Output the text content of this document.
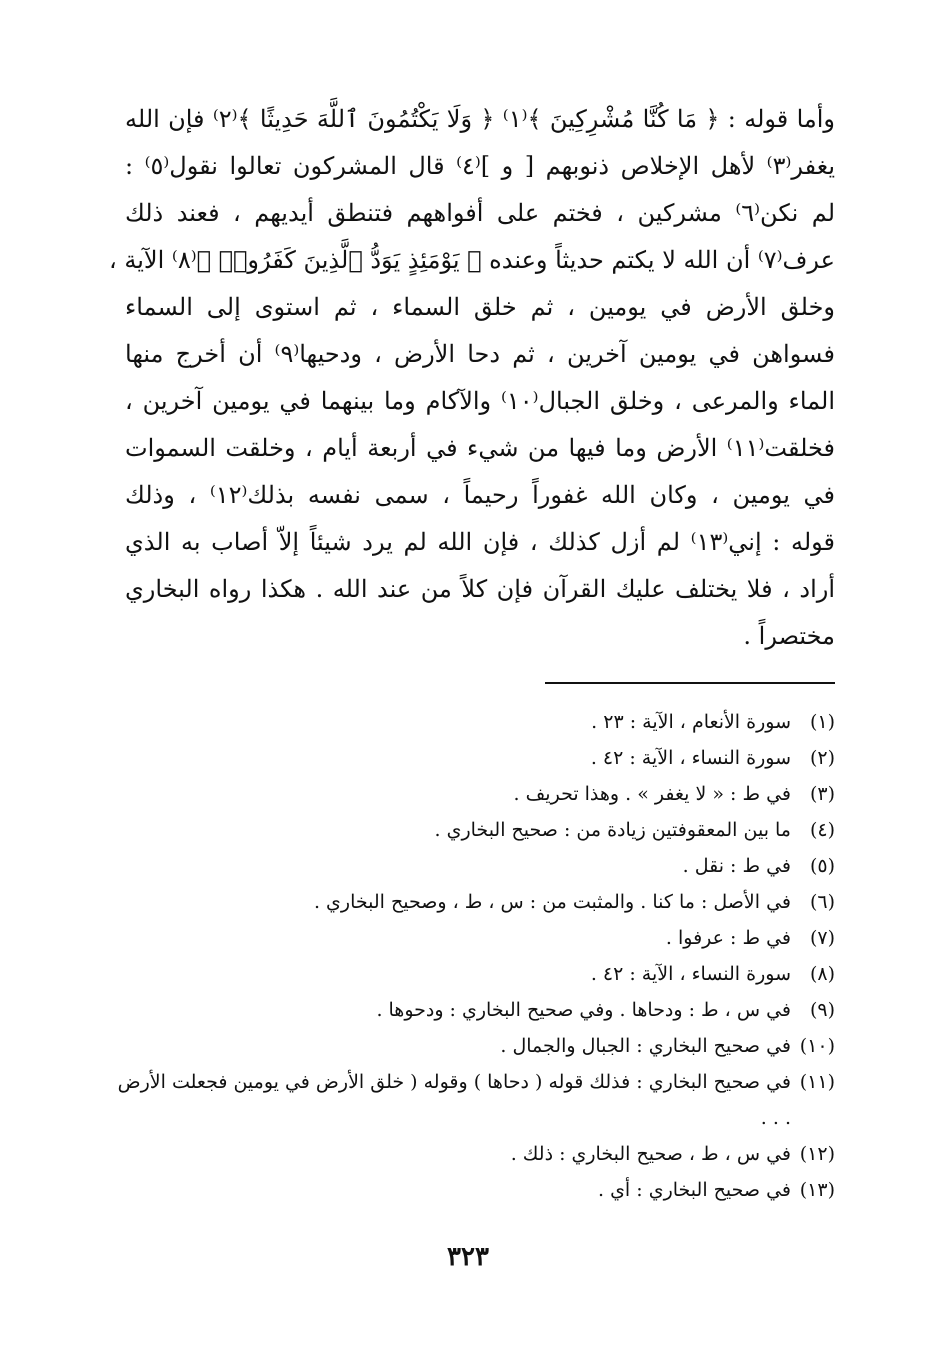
وأما قوله : ﴿ مَا كُنَّا مُشْرِكِينَ ﴾⁽١⁾ ﴿ وَلَا يَكْتُمُونَ ٱللَّهَ حَدِيثًا ﴾⁽٢⁾ فإن الله
يغفر⁽٣⁾ لأهل الإخلاص ذنوبهم [ و ]⁽٤⁾ قال المشركون تعالوا نقول⁽٥⁾ :
لم نكن⁽٦⁾ مشركين ، فختم على أفواههم فتنطق أيديهم ، فعند ذلك
عرف⁽٧⁾ أن الله لا يكتم حديثاً وعنده ﴿ يَوْمَئِذٍ يَوَدُّ ٱلَّذِينَ كَفَرُوا۟ ﴾⁽٨⁾ الآية ،
وخلق الأرض في يومين ، ثم خلق السماء ، ثم استوى إلى السماء
فسواهن في يومين آخرين ، ثم دحا الأرض ، ودحيها⁽٩⁾ أن أخرج منها
الماء والمرعى ، وخلق الجبال⁽١٠⁾ والآكام وما بينهما في يومين آخرين ،
فخلقت⁽١١⁾ الأرض وما فيها من شيء في أربعة أيام ، وخلقت السموات
في يومين ، وكان الله غفوراً رحيماً ، سمى نفسه بذلك⁽١٢⁾ ، وذلك
قوله : إني⁽١٣⁾ لم أزل كذلك ، فإن الله لم يرد شيئاً إلاّ أصاب به الذي
أراد ، فلا يختلف عليك القرآن فإن كلاً من عند الله . هكذا رواه البخاري
مختصراً .
(١)
سورة الأنعام ، الآية : ٢٣ .
(٢)
سورة النساء ، الآية : ٤٢ .
(٣)
في ط : « لا يغفر » . وهذا تحريف .
(٤)
ما بين المعقوفتين زيادة من : صحيح البخاري .
(٥)
في ط : نقل .
(٦)
في الأصل : ما كنا . والمثبت من : س ، ط ، وصحيح البخاري .
(٧)
في ط : عرفوا .
(٨)
سورة النساء ، الآية : ٤٢ .
(٩)
في س ، ط : ودحاها . وفي صحيح البخاري : ودحوها .
(١٠)
في صحيح البخاري : الجبال والجمال .
(١١)
في صحيح البخاري : فذلك قوله ( دحاها ) وقوله ( خلق الأرض في يومين فجعلت الأرض . . .
(١٢)
في س ، ط ، صحيح البخاري : ذلك .
(١٣)
في صحيح البخاري : أي .
٣٢٣
